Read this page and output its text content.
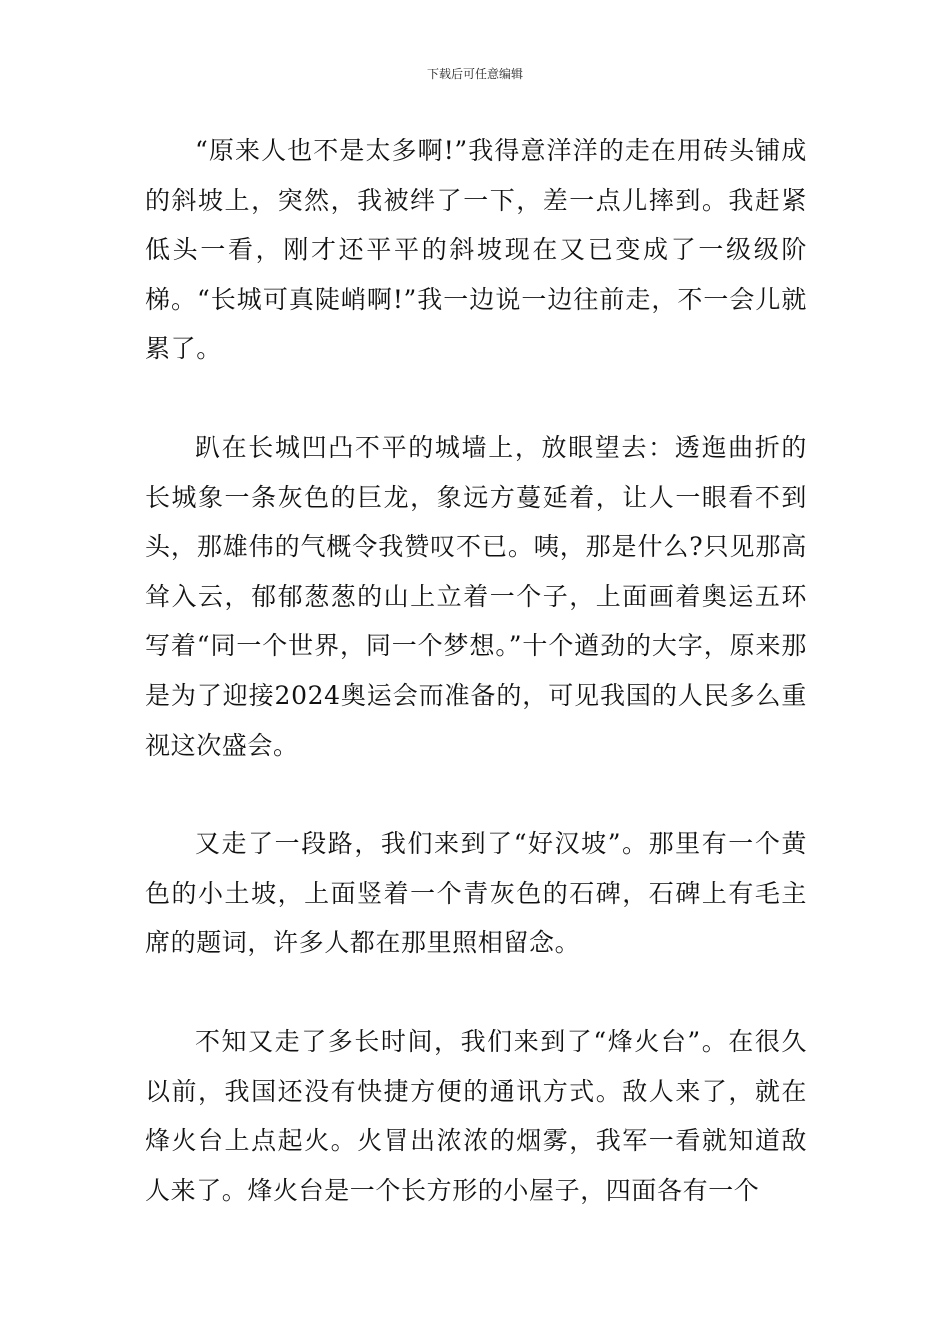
下载后可任意编辑

“原来人也不是太多啊!”我得意洋洋的走在用砖头铺成的斜坡上，突然，我被绊了一下，差一点儿摔到。我赶紧低头一看，刚才还平平的斜坡现在又已变成了一级级阶梯。“长城可真陡峭啊!”我一边说一边往前走，不一会儿就累了。

趴在长城凹凸不平的城墙上，放眼望去：透迤曲折的长城象一条灰色的巨龙，象远方蔓延着，让人一眼看不到头，那雄伟的气概令我赞叹不已。咦，那是什么?只见那高耸入云，郁郁葱葱的山上立着一个子，上面画着奥运五环写着“同一个世界，同一个梦想。”十个遒劲的大字，原来那是为了迎接2024奥运会而准备的，可见我国的人民多么重视这次盛会。

又走了一段路，我们来到了“好汉坡”。那里有一个黄色的小土坡，上面竖着一个青灰色的石碑，石碑上有毛主席的题词，许多人都在那里照相留念。

不知又走了多长时间，我们来到了“烽火台”。在很久以前，我国还没有快捷方便的通讯方式。敌人来了，就在烽火台上点起火。火冒出浓浓的烟雾，我军一看就知道敌人来了。烽火台是一个长方形的小屋子，四面各有一个
